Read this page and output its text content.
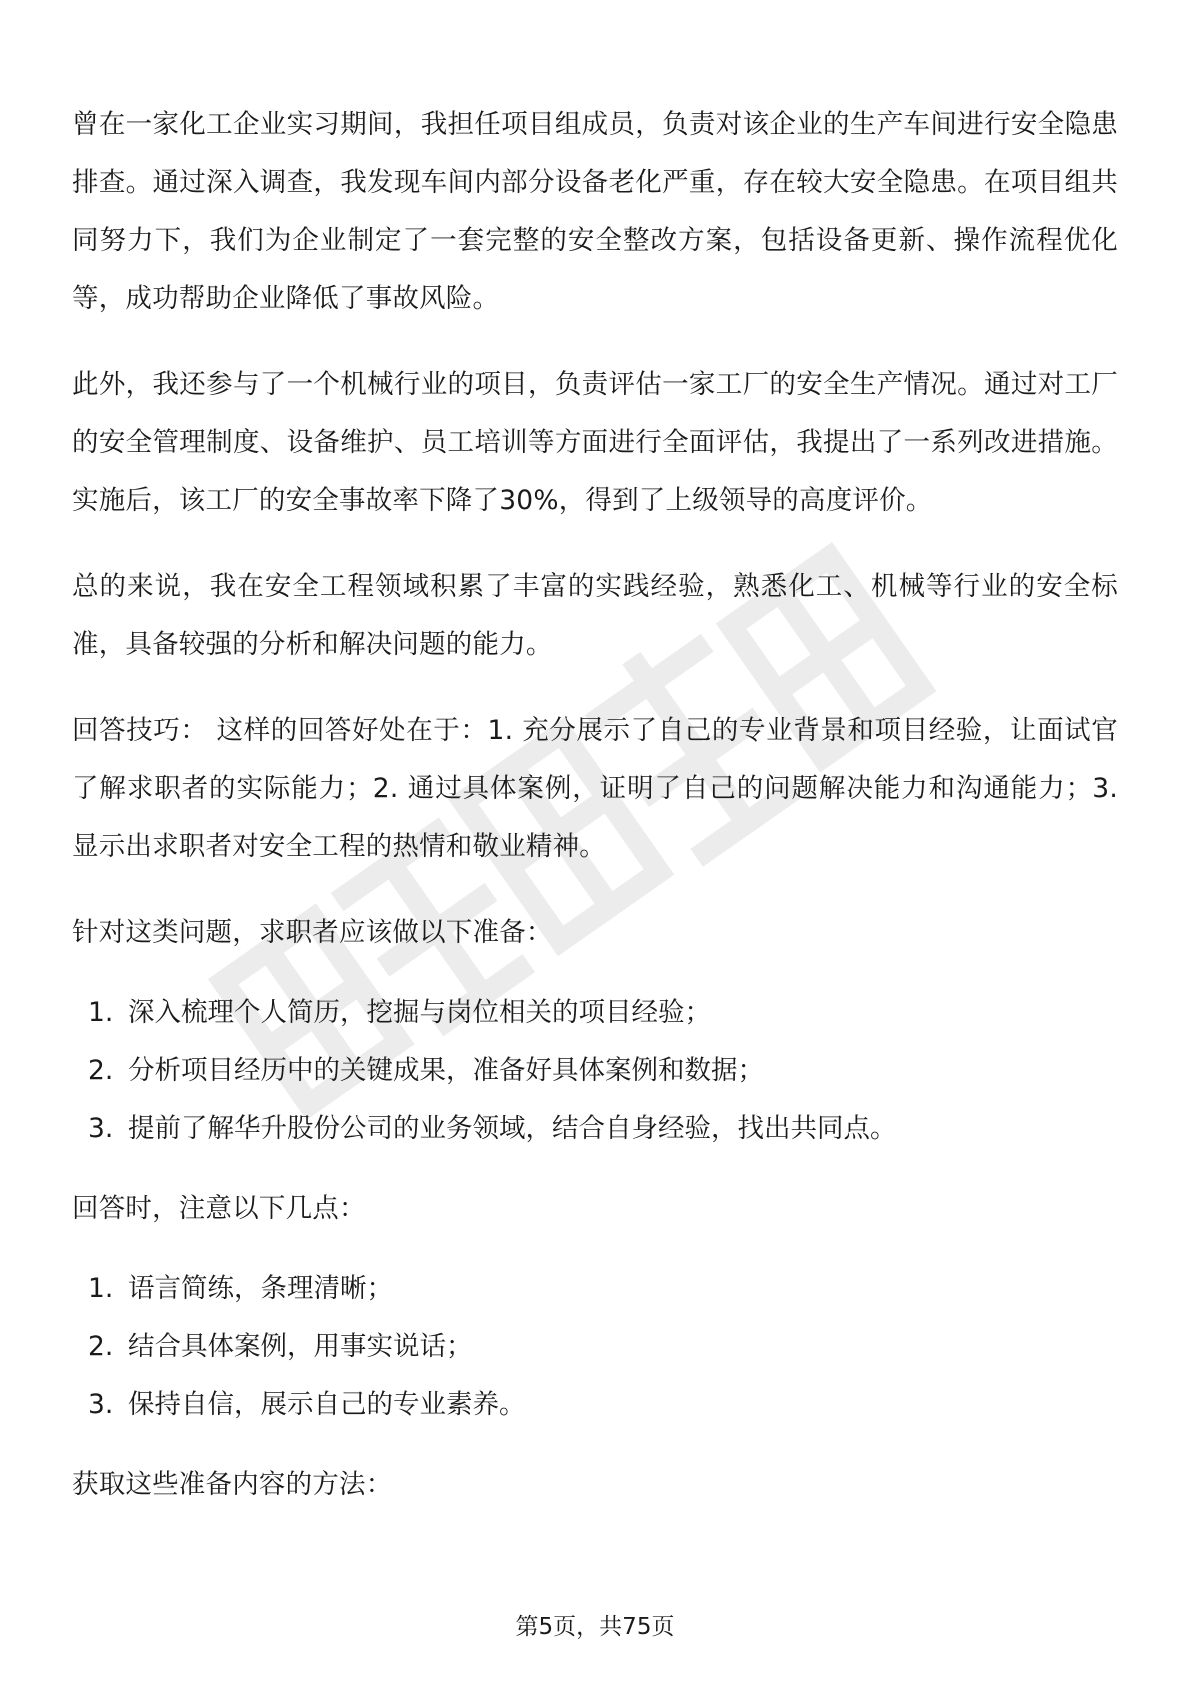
曾在一家化工企业实习期间，我担任项目组成员，负责对该企业的生产车间进行安全隐患排查。通过深入调查，我发现车间内部分设备老化严重，存在较大安全隐患。在项目组共同努力下，我们为企业制定了一套完整的安全整改方案，包括设备更新、操作流程优化等，成功帮助企业降低了事故风险。

此外，我还参与了一个机械行业的项目，负责评估一家工厂的安全生产情况。通过对工厂的安全管理制度、设备维护、员工培训等方面进行全面评估，我提出了一系列改进措施。实施后，该工厂的安全事故率下降了30%，得到了上级领导的高度评价。

总的来说，我在安全工程领域积累了丰富的实践经验，熟悉化工、机械等行业的安全标准，具备较强的分析和解决问题的能力。

回答技巧： 这样的回答好处在于：1. 充分展示了自己的专业背景和项目经验，让面试官了解求职者的实际能力；2. 通过具体案例，证明了自己的问题解决能力和沟通能力；3. 显示出求职者对安全工程的热情和敬业精神。

针对这类问题，求职者应该做以下准备：

1. 深入梳理个人简历，挖掘与岗位相关的项目经验；
2. 分析项目经历中的关键成果，准备好具体案例和数据；
3. 提前了解华升股份公司的业务领域，结合自身经验，找出共同点。

回答时，注意以下几点：

1. 语言简练，条理清晰；
2. 结合具体案例，用事实说话；
3. 保持自信，展示自己的专业素养。

获取这些准备内容的方法：

第5页，共75页
